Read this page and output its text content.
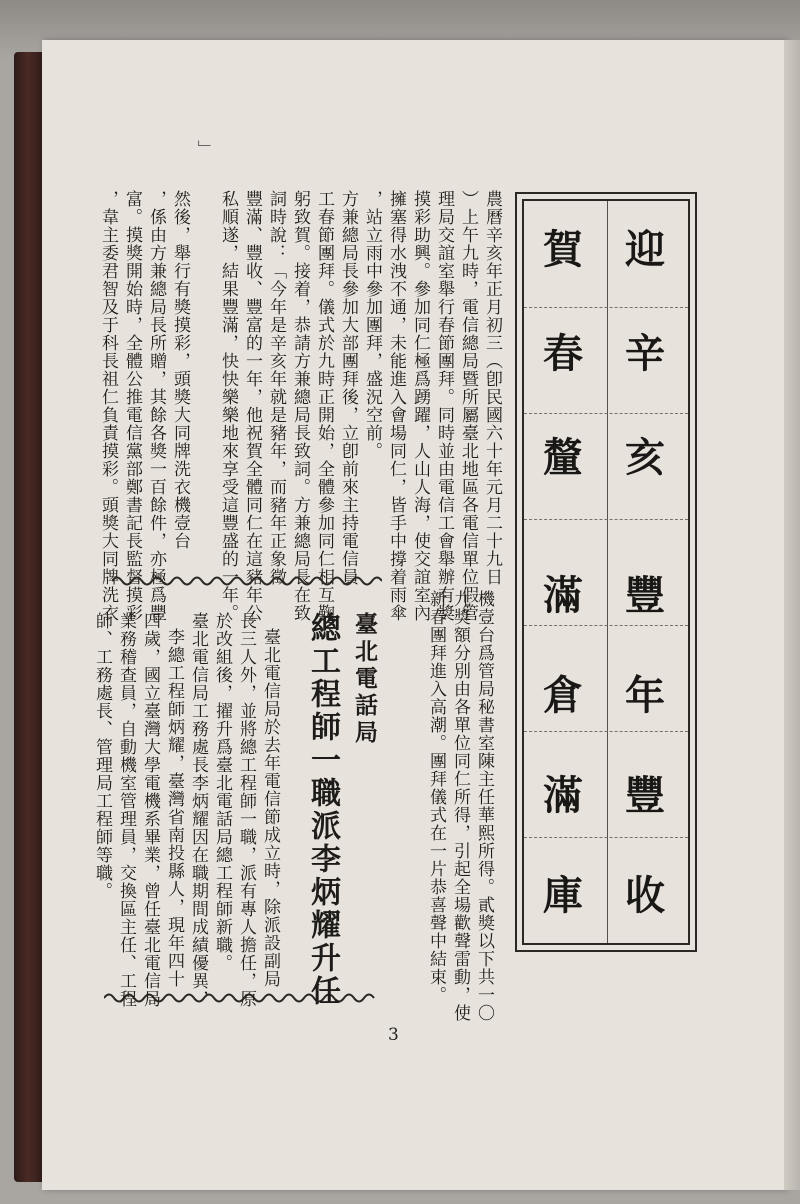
迎
辛
亥
豐
年
豐
收
賀
春
釐
滿
倉
滿
庫
農曆辛亥年正月初三（卽民國六十年元月二十九日
）上午九時，電信總局暨所屬臺北地區各電信單位假管
理局交誼室舉行春節團拜。同時並由電信工會舉辦有獎
摸彩助興。參加同仁極爲踴躍，人山人海，使交誼室內
擁塞得水洩不通，未能進入會場同仁，皆手中撐着雨傘
，站立雨中參加團拜，盛況空前。
方兼總局長參加大部團拜後，立卽前來主持電信員
工春節團拜。儀式於九時正開始，全體參加同仁相互鞠
躬致賀。接着，恭請方兼總局長致詞。方兼總局長在致
詞時說：「今年是辛亥年就是豬年，而豬年正象徵
豐滿、豐收、豐富的一年，他祝賀全體同仁在這豬年公
私順遂，結果豐滿，快快樂樂地來享受這豐盛的一年。
」
然後，舉行有獎摸彩，頭獎大同牌洗衣機壹台
，係由方兼總局長所贈，其餘各獎一百餘件，亦極爲豐
富。摸獎開始時，全體公推電信黨部鄭書記長監督摸彩
，韋主委君智及于科長祖仁負責摸彩。頭獎大同牌洗衣
機壹台爲管局秘書室陳主任華熙所得。貳獎以下共一〇
九獎額分別由各單位同仁所得，引起全場歡聲雷動，使
新春團拜進入高潮。團拜儀式在一片恭喜聲中結束。
臺北電話局
總工程師一職派李炳耀升任
臺北電信局於去年電信節成立時，除派設副局
長三人外，並將總工程師一職，派有專人擔任，原
於改組後，擢升爲臺北電話局總工程師新職。
臺北電信局工務處長李炳耀因在職期間成績優異，
李總工程師炳耀，臺灣省南投縣人，現年四十
四歲，國立臺灣大學電機系畢業，曾任臺北電信局
業務稽查員，自動機室管理員，交換區主任、工程
師、工務處長、管理局工程師等職。
3
